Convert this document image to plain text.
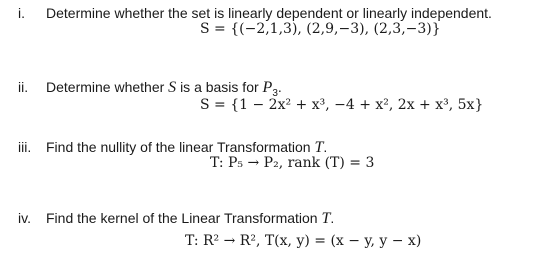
i. Determine whether the set is linearly dependent or linearly independent.
S = {(−2,1,3), (2,9,−3), (2,3,−3)}
ii. Determine whether S is a basis for $P_3$.
S = {1 − 2x² + x³, −4 + x², 2x + x³, 5x}
iii. Find the nullity of the linear Transformation T.
T: P₅ → P₂, rank (T) = 3
iv. Find the kernel of the Linear Transformation T.
T: R² → R², T(x, y) = (x − y, y − x)
